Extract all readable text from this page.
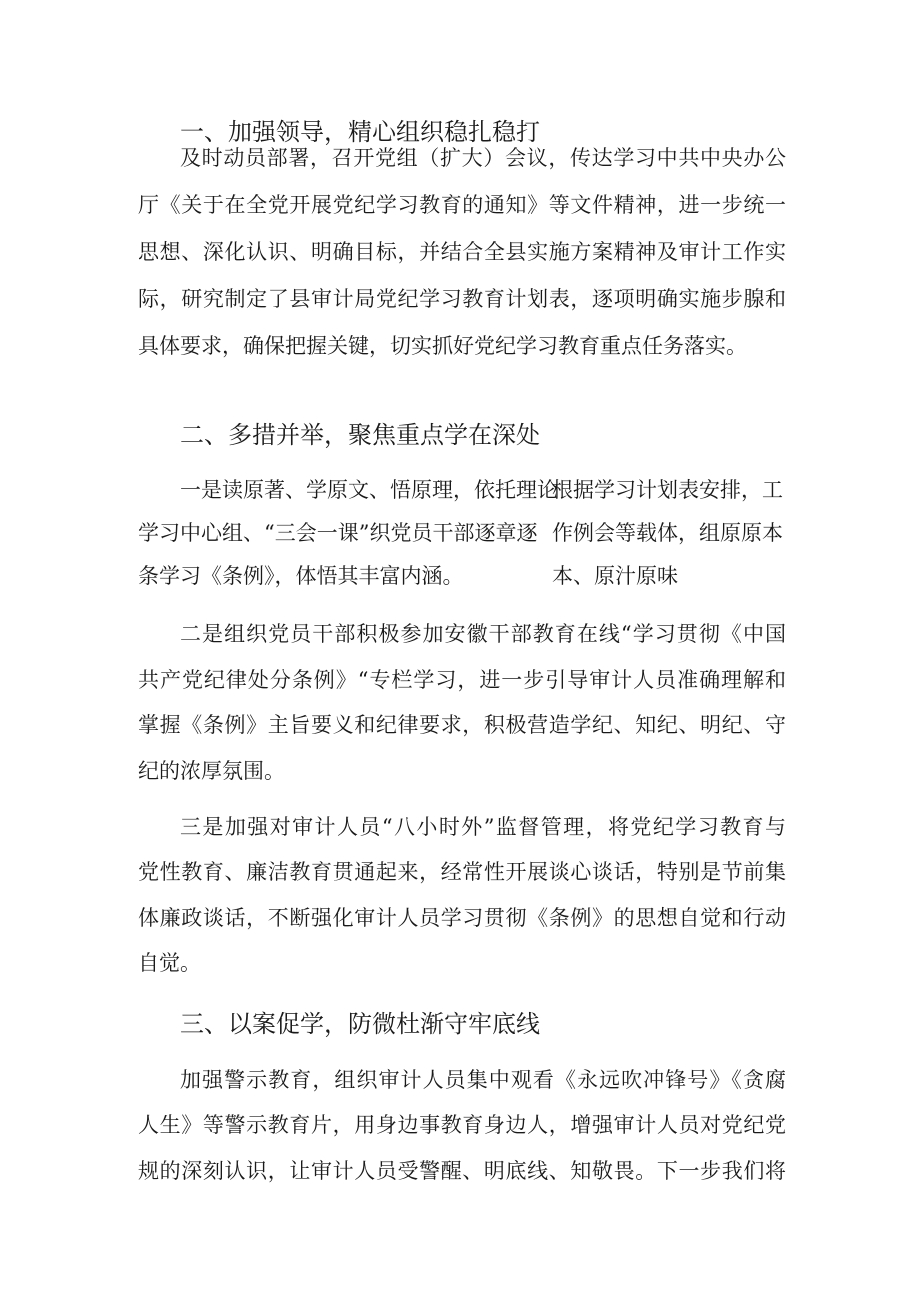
一、加强领导，精心组织稳扎稳打
及时动员部署，召开党组（扩大）会议，传达学习中共中央办公
厅《关于在全党开展党纪学习教育的通知》等文件精神，进一步统一
思想、深化认识、明确目标，并结合全县实施方案精神及审计工作实
际，研究制定了县审计局党纪学习教育计划表，逐项明确实施步腺和
具体要求，确保把握关键，切实抓好党纪学习教育重点任务落实。
二、多措并举，聚焦重点学在深处
一是读原著、学原文、悟原理，依托理论
学习中心组、“三会一课”织党员干部逐章逐
条学习《条例》，体悟其丰富内涵。
根据学习计划表安排，工
作例会等载体，组原原本
本、原汁原味
二是组织党员干部积极参加安徽干部教育在线“学习贯彻《中国
共产党纪律处分条例》“专栏学习，进一步引导审计人员准确理解和
掌握《条例》主旨要义和纪律要求，积极营造学纪、知纪、明纪、守
纪的浓厚氛围。
三是加强对审计人员“八小时外”监督管理，将党纪学习教育与
党性教育、廉洁教育贯通起来，经常性开展谈心谈话，特别是节前集
体廉政谈话，不断强化审计人员学习贯彻《条例》的思想自觉和行动
自觉。
三、以案促学，防微杜渐守牢底线
加强警示教育，组织审计人员集中观看《永远吹冲锋号》《贪腐
人生》等警示教育片，用身边事教育身边人，增强审计人员对党纪党
规的深刻认识，让审计人员受警醒、明底线、知敬畏。下一步我们将
